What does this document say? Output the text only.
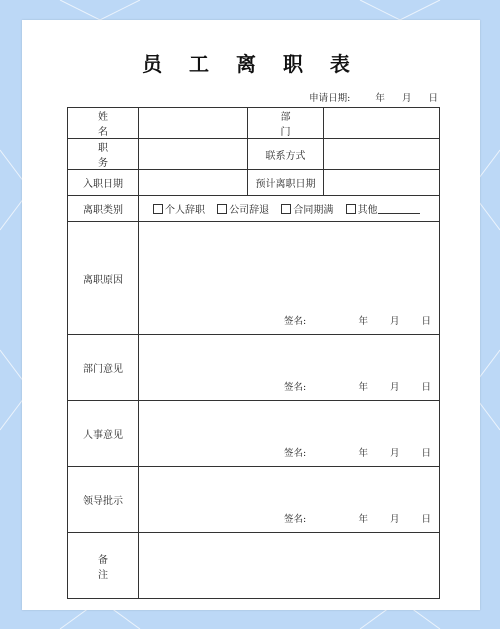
员 工 离 职 表
申请日期:	年 月 日
姓 名		部 门	
职 务		联系方式	
入职日期		预计离职日期	
离职类别	个人辞职 公司辞退 合同期满 其他		
离职原因	签名: 年 月 日		

部门意见	签名: 年 月 日		

人事意见	签名: 年 月 日		

领导批示	签名: 年 月 日		

备 注			
